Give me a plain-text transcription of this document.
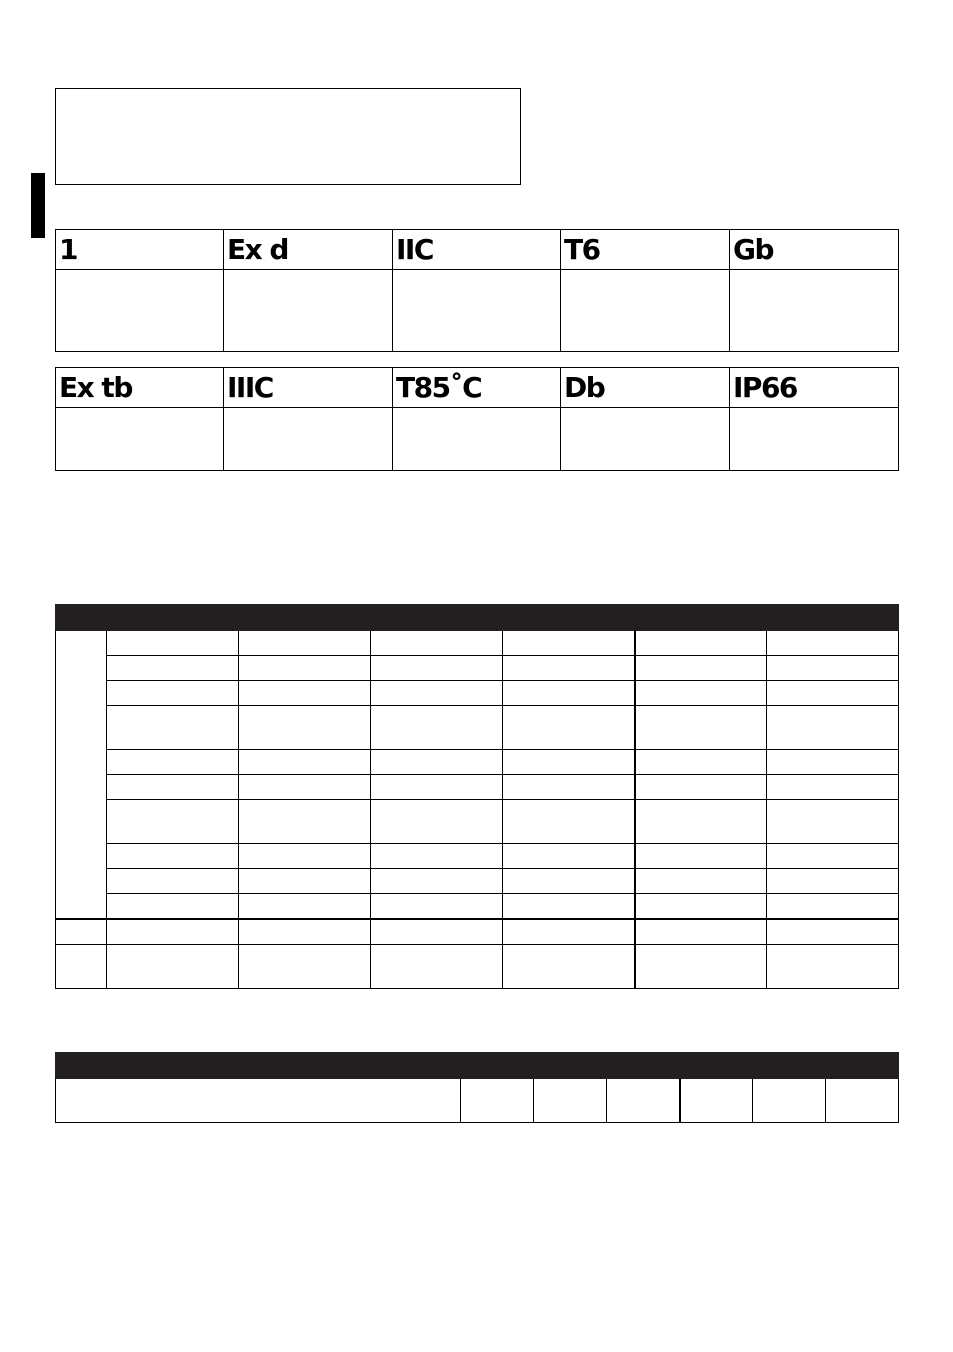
1	Ex d	IIC	T6	Gb

Ex tb	IIIC	T85˚C	Db	IP66
